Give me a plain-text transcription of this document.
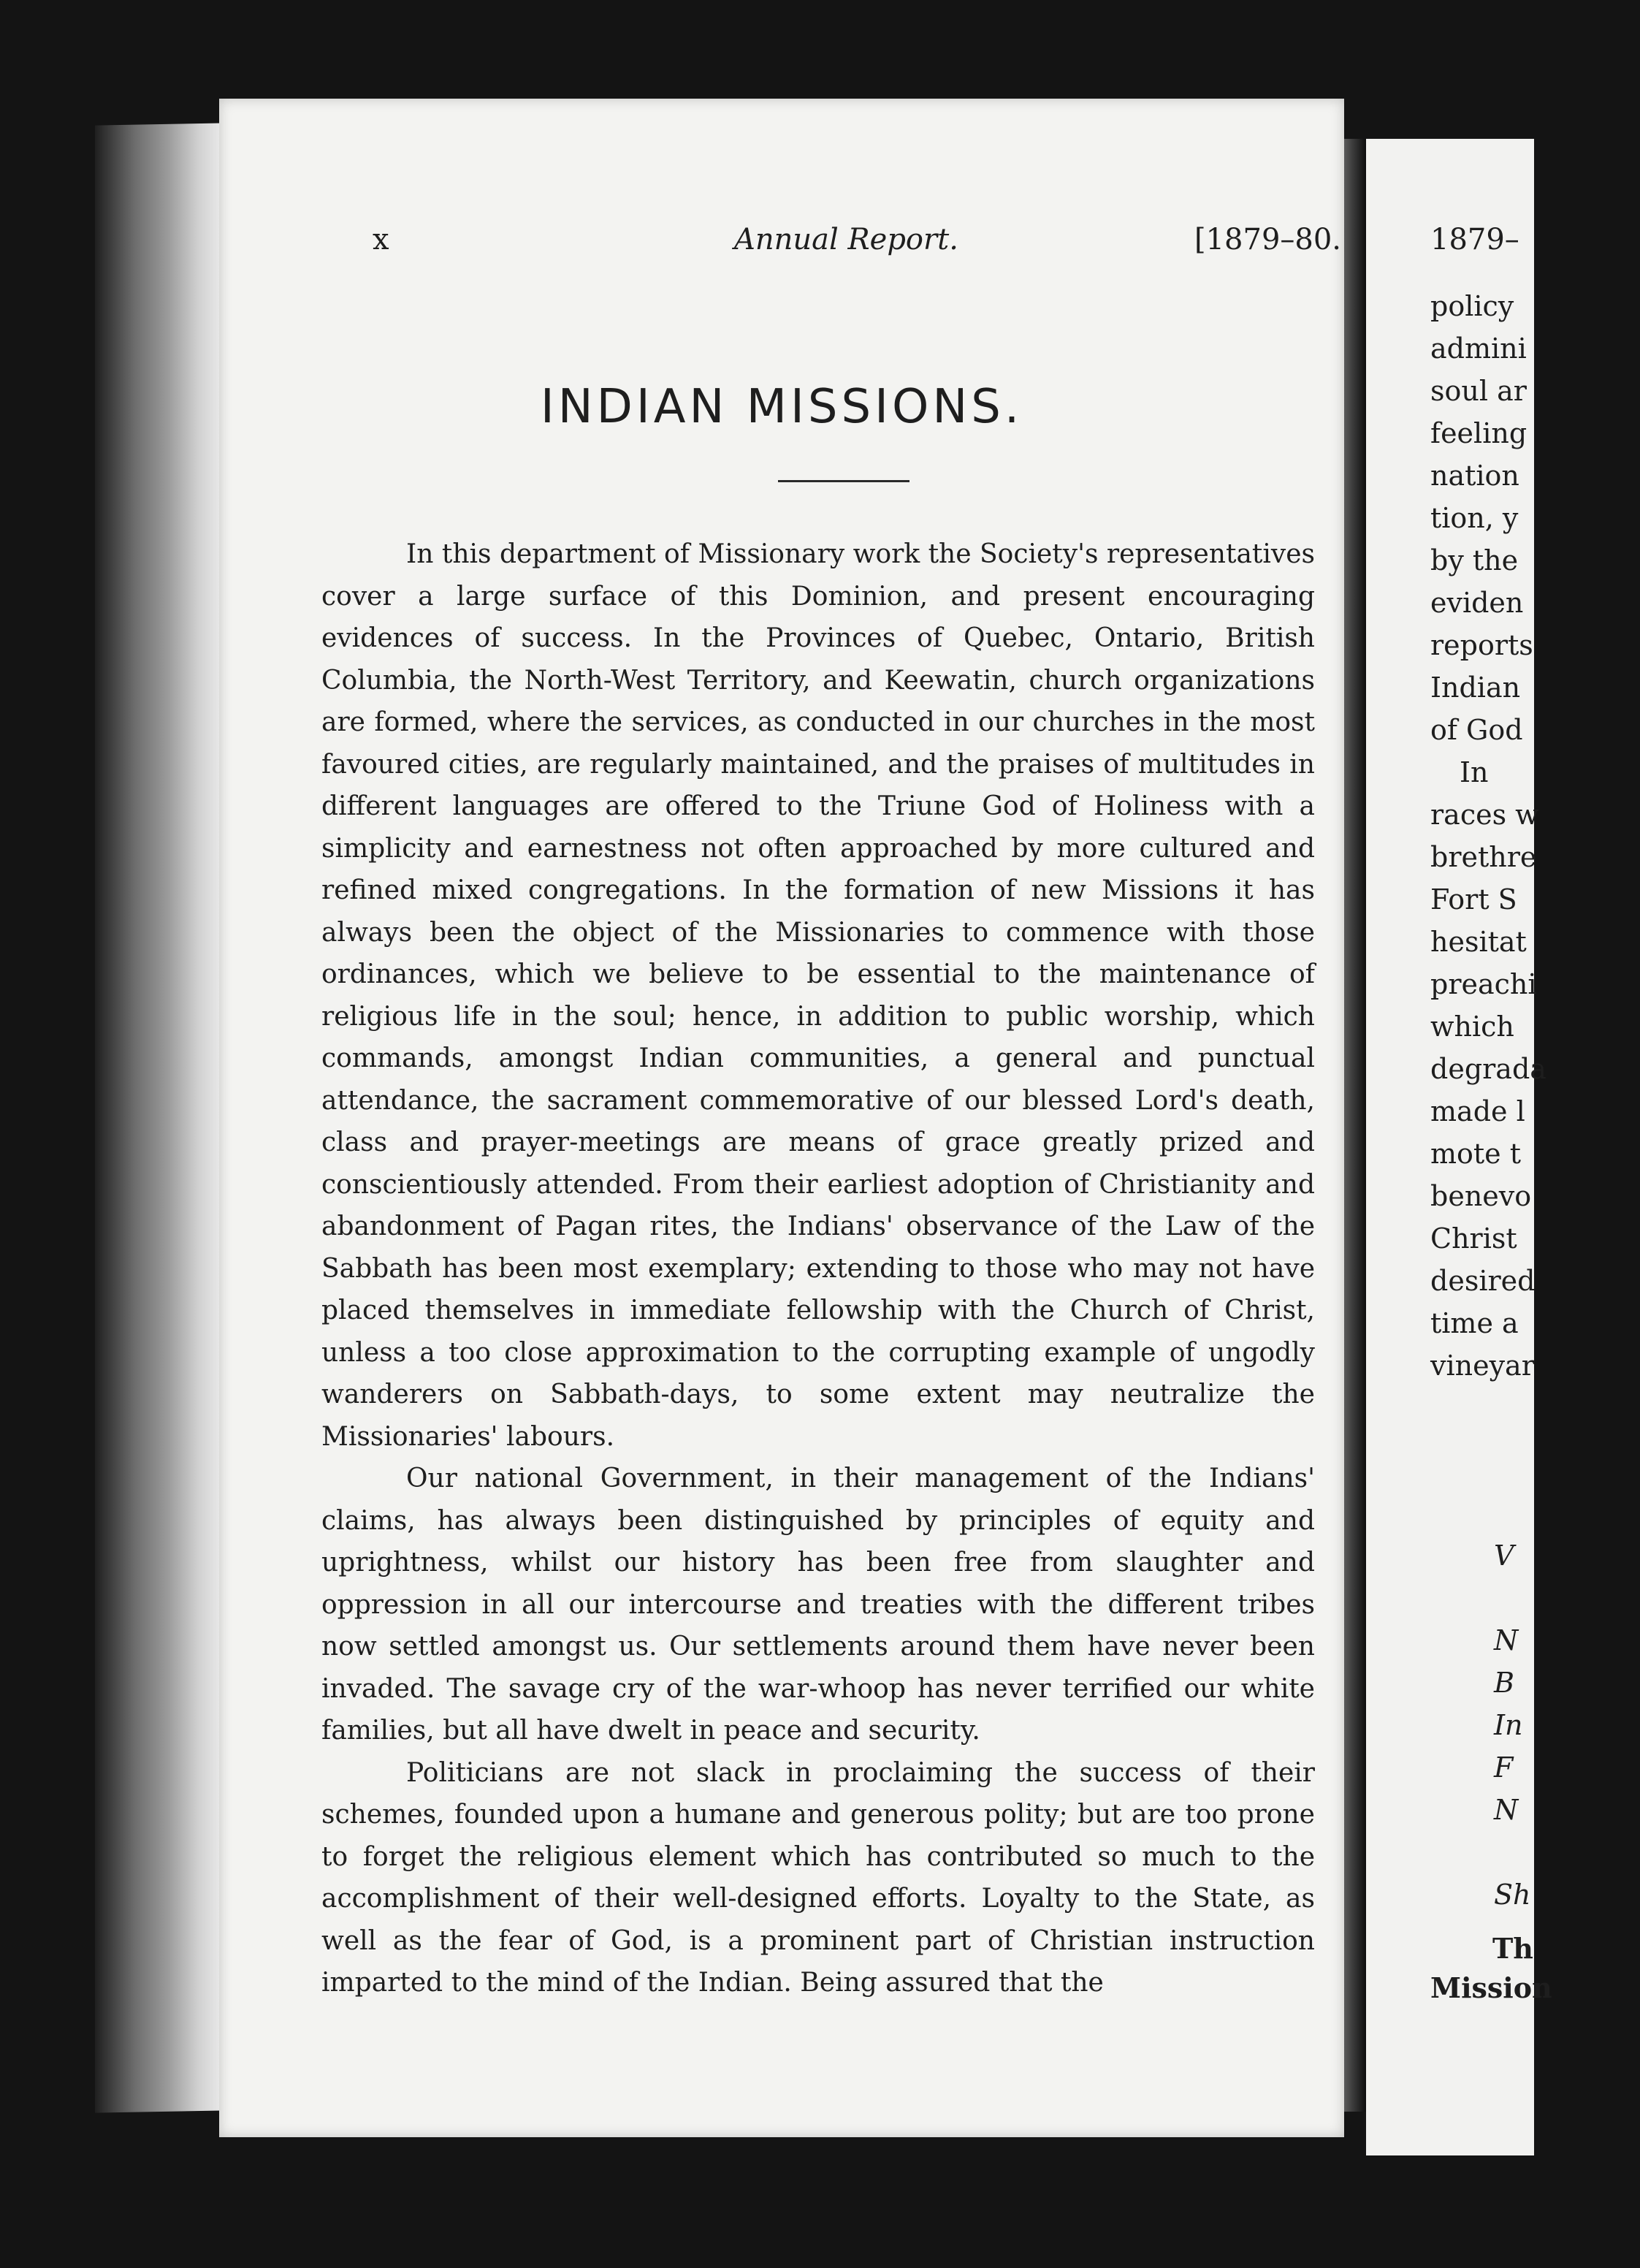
1879–
policy
admini
soul ar
feeling
nation
tion, y
by the
eviden
reports
Indian
of God
In
races w
brethre
Fort S
hesitat
preachi
which
degrada
made l
mote t
benevo
Christ
desired
time a
vineyar
V
N
B
In
F
N
Sh
Th
Mission
x	Annual Report.	[1879–80.
INDIAN MISSIONS.

In this department of Missionary work the Society's representatives cover a large surface of this Dominion, and present encouraging evidences of success. In the Provinces of Quebec, Ontario, British Columbia, the North-West Territory, and Keewatin, church organizations are formed, where the services, as conducted in our churches in the most favoured cities, are regularly maintained, and the praises of multitudes in different languages are offered to the Triune God of Holiness with a simplicity and earnestness not often approached by more cultured and refined mixed congregations. In the formation of new Missions it has always been the object of the Missionaries to commence with those ordinances, which we believe to be essential to the maintenance of religious life in the soul; hence, in addition to public worship, which commands, amongst Indian communities, a general and punctual attendance, the sacrament commemorative of our blessed Lord's death, class and prayer-meetings are means of grace greatly prized and conscientiously attended. From their earliest adoption of Christianity and abandonment of Pagan rites, the Indians' observance of the Law of the Sabbath has been most exemplary; extending to those who may not have placed themselves in immediate fellowship with the Church of Christ, unless a too close approximation to the corrupting example of ungodly wanderers on Sabbath-days, to some extent may neutralize the Missionaries' labours.

Our national Government, in their management of the Indians' claims, has always been distinguished by principles of equity and uprightness, whilst our history has been free from slaughter and oppression in all our intercourse and treaties with the different tribes now settled amongst us. Our settlements around them have never been invaded. The savage cry of the war-whoop has never terrified our white families, but all have dwelt in peace and security.

Politicians are not slack in proclaiming the success of their schemes, founded upon a humane and generous polity; but are too prone to forget the religious element which has contributed so much to the accomplishment of their well-designed efforts. Loyalty to the State, as well as the fear of God, is a prominent part of Christian instruction imparted to the mind of the Indian. Being assured that the
